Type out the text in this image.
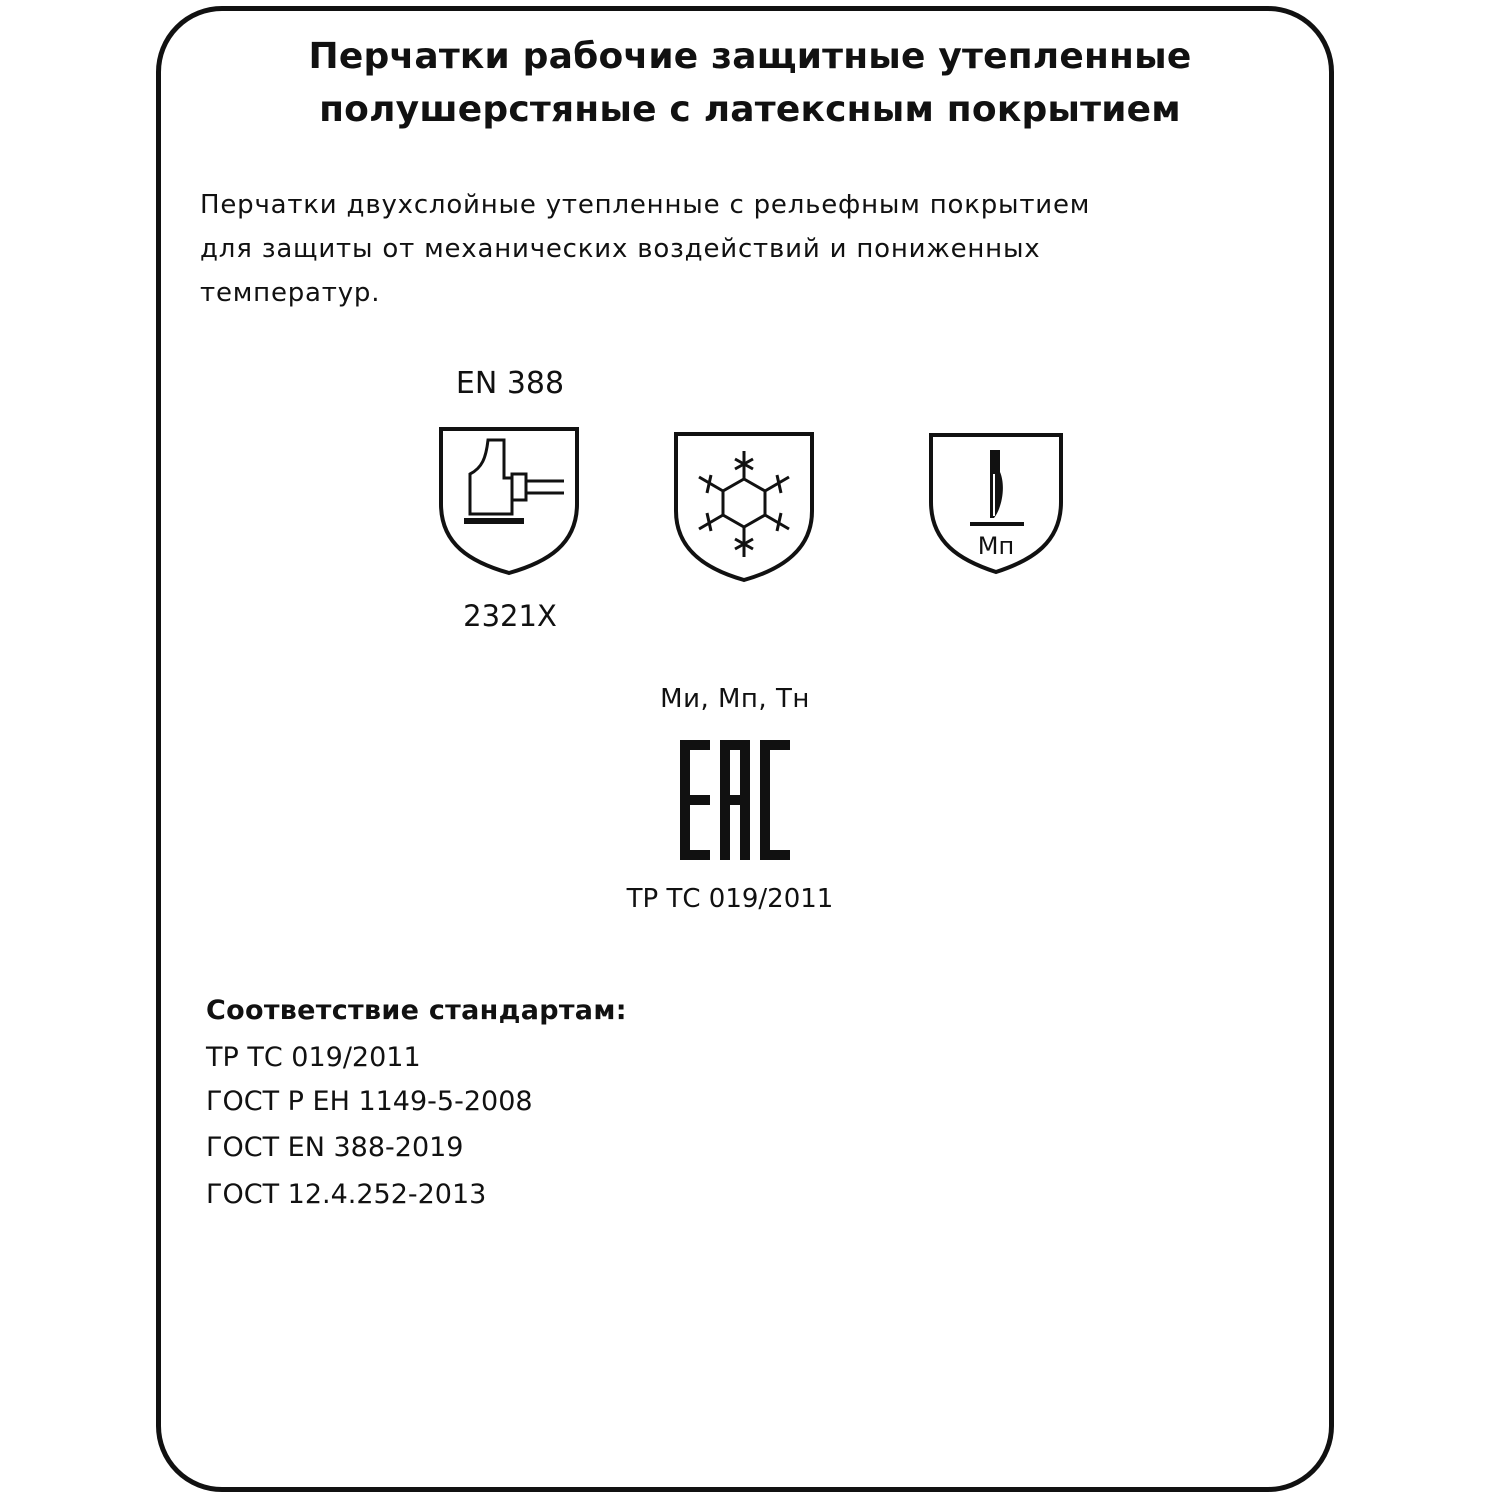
Перчатки рабочие защитные утепленные
полушерстяные с латексным покрытием
Перчатки двухслойные утепленные с рельефным покрытием
для защиты от механических воздействий и пониженных
температур.
EN 388
2321X
Мп
Ми, Мп, Тн
ТР ТС 019/2011
Соответствие стандартам:
ТР ТС 019/2011
ГОСТ Р ЕН 1149-5-2008
ГОСТ EN 388-2019
ГОСТ 12.4.252-2013
